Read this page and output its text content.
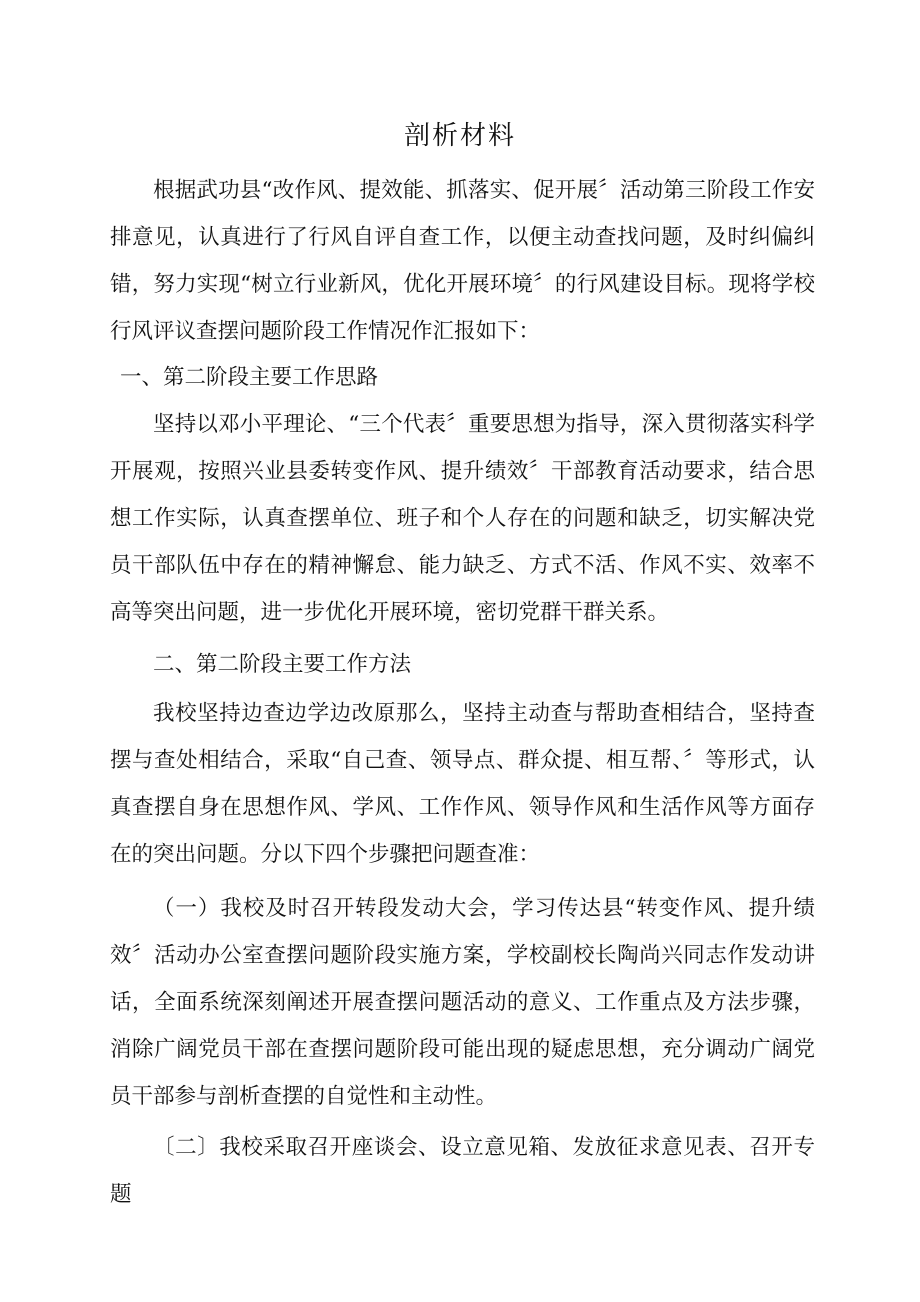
剖析材料
根据武功县“改作风、提效能、抓落实、促开展〞活动第三阶段工作安排意见，认真进行了行风自评自查工作，以便主动查找问题，及时纠偏纠错，努力实现“树立行业新风，优化开展环境〞的行风建设目标。现将学校行风评议查摆问题阶段工作情况作汇报如下：
一、第二阶段主要工作思路
坚持以邓小平理论、“三个代表〞重要思想为指导，深入贯彻落实科学开展观，按照兴业县委转变作风、提升绩效〞干部教育活动要求，结合思想工作实际，认真查摆单位、班子和个人存在的问题和缺乏，切实解决党员干部队伍中存在的精神懈怠、能力缺乏、方式不活、作风不实、效率不高等突出问题，进一步优化开展环境，密切党群干群关系。
二、第二阶段主要工作方法
我校坚持边查边学边改原那么，坚持主动查与帮助查相结合，坚持查摆与查处相结合，采取“自己查、领导点、群众提、相互帮、〞等形式，认真查摆自身在思想作风、学风、工作作风、领导作风和生活作风等方面存在的突出问题。分以下四个步骤把问题查准：
（一）我校及时召开转段发动大会，学习传达县“转变作风、提升绩效〞活动办公室查摆问题阶段实施方案，学校副校长陶尚兴同志作发动讲话，全面系统深刻阐述开展查摆问题活动的意义、工作重点及方法步骤，消除广阔党员干部在查摆问题阶段可能出现的疑虑思想，充分调动广阔党员干部参与剖析查摆的自觉性和主动性。
〔二〕我校采取召开座谈会、设立意见箱、发放征求意见表、召开专题
